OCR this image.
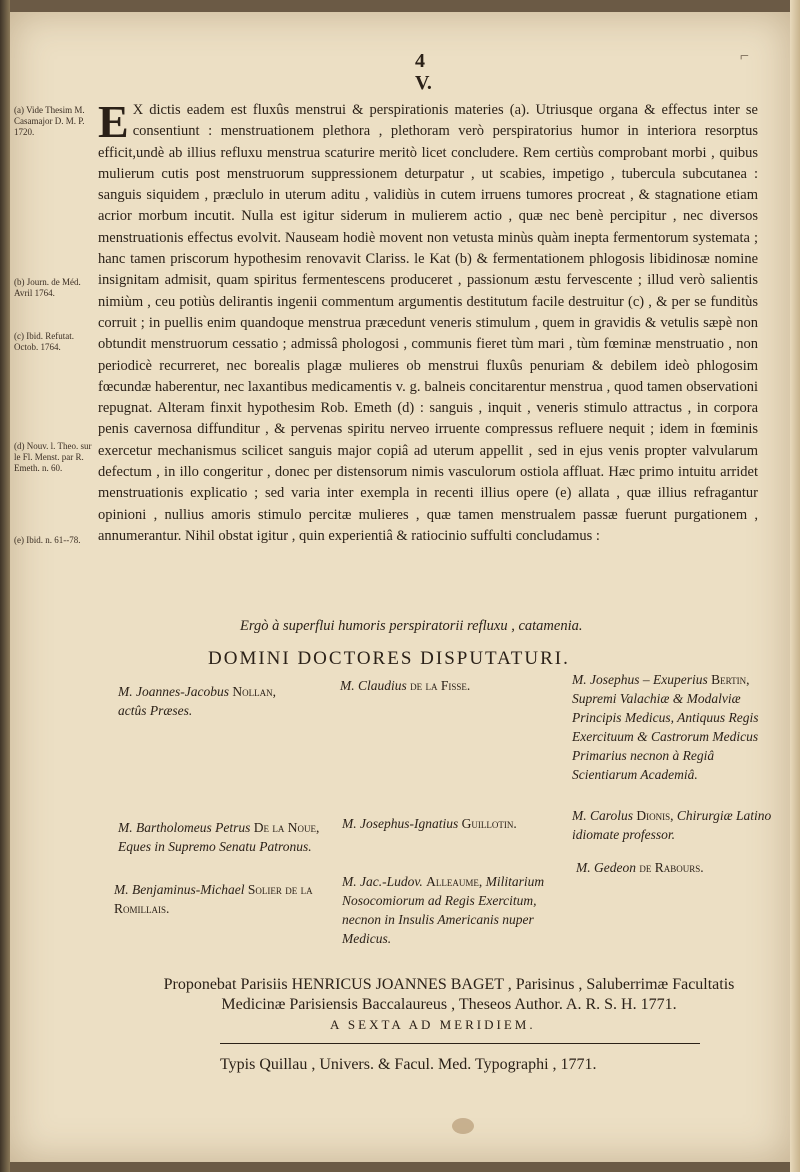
4	⌐
V.
(a) Vide Thesim M. Casamajor D. M. P. 1720.
(b) Journ. de Méd. Avril 1764.
(c) Ibid. Refutat. Octob. 1764.
(d) Nouv. l. Theo. sur le Fl. Menst. par R. Emeth. n. 60.
(e) Ibid. n. 61--78.
E X dictis eadem est fluxûs menstrui & perspirationis materies (a). Utriusque organa & effectus inter se consentiunt : menstruationem plethora , plethoram verò perspiratorius humor in interiora resorptus efficit,undè ab illius refluxu menstrua scaturire meritò licet concludere. Rem certiùs comprobant morbi , quibus mulierum cutis post menstruorum suppressionem deturpatur , ut scabies, impetigo , tubercula subcutanea : sanguis siquidem , præclulo in uterum aditu , validiùs in cutem irruens tumores procreat , & stagnatione etiam acrior morbum incutit. Nulla est igitur siderum in mulierem actio , quæ nec benè percipitur , nec diversos menstruationis effectus evolvit. Nauseam hodiè movent non vetusta minùs quàm inepta fermentorum systemata ; hanc tamen priscorum hypothesim renovavit Clariss. le Kat (b) & fermentationem phlogosis libidinosæ nomine insignitam admisit, quam spiritus fermentescens produceret , passionum æstu fervescente ; illud verò salientis nimiùm , ceu potiùs delirantis ingenii commentum argumentis destitutum facile destruitur (c) , & per se funditùs corruit ; in puellis enim quandoque menstrua præcedunt veneris stimulum , quem in gravidis & vetulis sæpè non obtundit menstruorum cessatio ; admissâ phologosi , communis fieret tùm mari , tùm fœminæ menstruatio , non periodicè recurreret, nec borealis plagæ mulieres ob menstrui fluxûs penuriam & debilem ideò phlogosim fœcundæ haberentur, nec laxantibus medicamentis v. g. balneis concitarentur menstrua , quod tamen observationi repugnat. Alteram finxit hypothesim Rob. Emeth (d) : sanguis , inquit , veneris stimulo attractus , in corpora penis cavernosa diffunditur , & pervenas spiritu nerveo irruente compressus refluere nequit ; idem in fœminis exercetur mechanismus scilicet sanguis major copiâ ad uterum appellit , sed in ejus venis propter valvularum defectum , in illo congeritur , donec per distensorum nimis vasculorum ostiola affluat. Hæc primo intuitu arridet menstruationis explicatio ; sed varia inter exempla in recenti illius opere (e) allata , quæ illius refragantur opinioni , nullius amoris stimulo percitæ mulieres , quæ tamen menstrualem passæ fuerunt purgationem , annumerantur. Nihil obstat igitur , quin experientiâ & ratiocinio suffulti concludamus :
Ergò à superflui humoris perspiratorii refluxu , catamenia.
DOMINI DOCTORES DISPUTATURI.
M. Joannes-Jacobus Nollan,
actûs Præses.
M. Claudius de la Fisse.	M. Josephus – Exuperius Bertin, Supremi Valachiæ & Modalviæ Principis Medicus, Antiquus Regis Exercituum & Castrorum Medicus Primarius necnon à Regiâ Scientiarum Academiâ.
M. Bartholomeus Petrus De la Noue, Eques in Supremo Senatu Patronus.
M. Josephus-Ignatius Guillotin.
M. Carolus Dionis, Chirurgiæ Latino idiomate professor.
M. Benjaminus-Michael Solier de la Romillais.
M. Jac.-Ludov. Alleaume, Militarium Nosocomiorum ad Regis Exercitum, necnon in Insulis Americanis nuper Medicus.
M. Gedeon de Rabours.
Proponebat Parisiis HENRICUS JOANNES BAGET , Parisinus , Saluberrimæ Facultatis
Medicinæ Parisiensis Baccalaureus , Theseos Author. A. R. S. H. 1771.
A SEXTA AD MERIDIEM.
Typis Quillau , Univers. & Facul. Med. Typographi , 1771.
